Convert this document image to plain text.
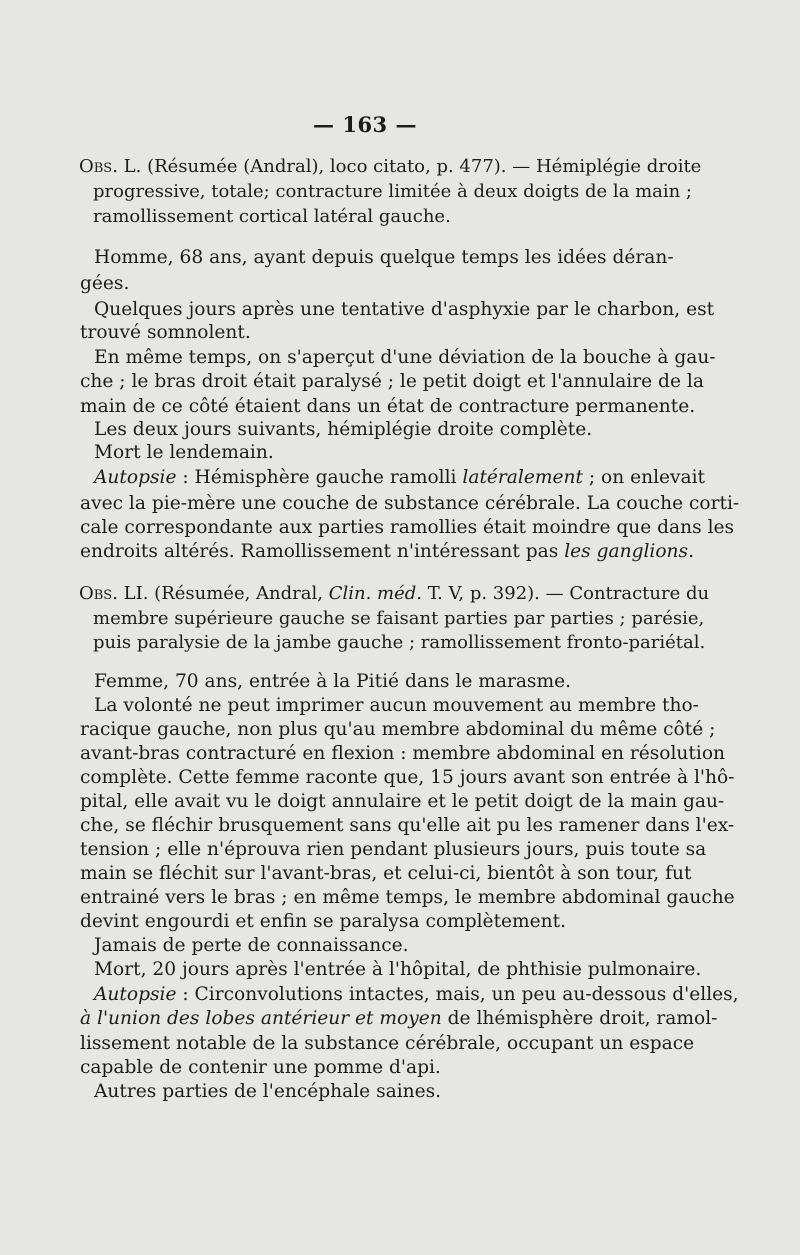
— 163 —
Obs. L. (Résumée (Andral), loco citato, p. 477). — Hémiplégie droite
progressive, totale; contracture limitée à deux doigts de la main ;
ramollissement cortical latéral gauche.
Homme, 68 ans, ayant depuis quelque temps les idées déran-
gées.
Quelques jours après une tentative d'asphyxie par le charbon, est
trouvé somnolent.
En même temps, on s'aperçut d'une déviation de la bouche à gau-
che ; le bras droit était paralysé ; le petit doigt et l'annulaire de la
main de ce côté étaient dans un état de contracture permanente.
Les deux jours suivants, hémiplégie droite complète.
Mort le lendemain.
Autopsie : Hémisphère gauche ramolli latéralement ; on enlevait
avec la pie-mère une couche de substance cérébrale. La couche corti-
cale correspondante aux parties ramollies était moindre que dans les
endroits altérés. Ramollissement n'intéressant pas les ganglions.
Obs. LI. (Résumée, Andral, Clin. méd. T. V, p. 392). — Contracture du
membre supérieure gauche se faisant parties par parties ; parésie,
puis paralysie de la jambe gauche ; ramollissement fronto-pariétal.
Femme, 70 ans, entrée à la Pitié dans le marasme.
La volonté ne peut imprimer aucun mouvement au membre tho-
racique gauche, non plus qu'au membre abdominal du même côté ;
avant-bras contracturé en flexion : membre abdominal en résolution
complète. Cette femme raconte que, 15 jours avant son entrée à l'hô-
pital, elle avait vu le doigt annulaire et le petit doigt de la main gau-
che, se fléchir brusquement sans qu'elle ait pu les ramener dans l'ex-
tension ; elle n'éprouva rien pendant plusieurs jours, puis toute sa
main se fléchit sur l'avant-bras, et celui-ci, bientôt à son tour, fut
entrainé vers le bras ; en même temps, le membre abdominal gauche
devint engourdi et enfin se paralysa complètement.
Jamais de perte de connaissance.
Mort, 20 jours après l'entrée à l'hôpital, de phthisie pulmonaire.
Autopsie : Circonvolutions intactes, mais, un peu au-dessous d'elles,
à l'union des lobes antérieur et moyen de lhémisphère droit, ramol-
lissement notable de la substance cérébrale, occupant un espace
capable de contenir une pomme d'api.
Autres parties de l'encéphale saines.
